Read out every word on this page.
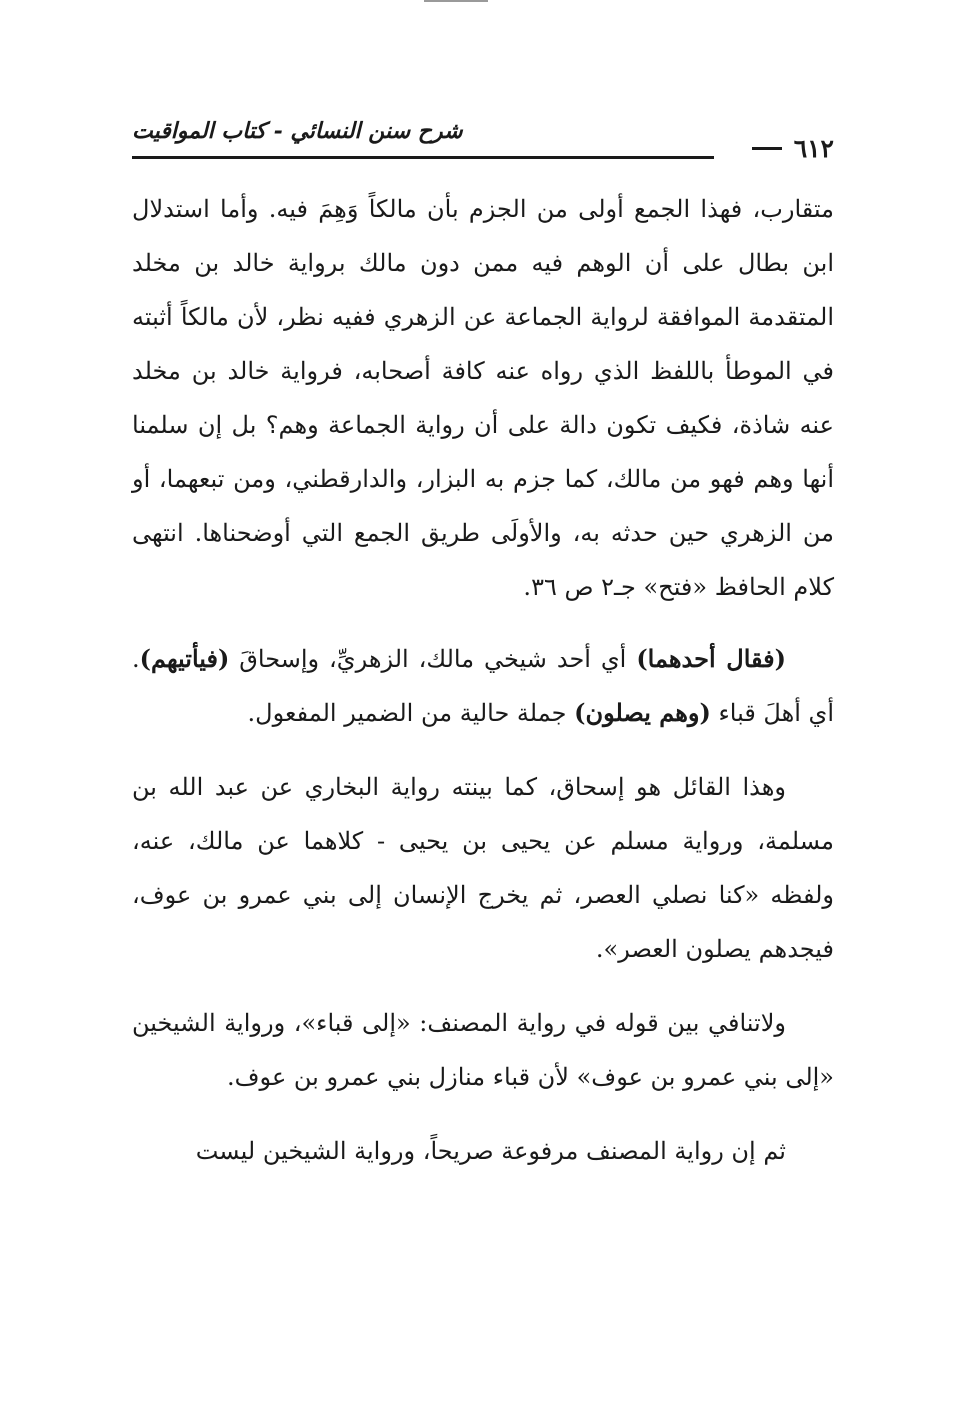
٦١٢
شرح سنن النسائي - كتاب المواقيت

متقارب، فهذا الجمع أولى من الجزم بأن مالكاً وَهِمَ فيه. وأما استدلال ابن بطال على أن الوهم فيه ممن دون مالك برواية خالد بن مخلد المتقدمة الموافقة لرواية الجماعة عن الزهري ففيه نظر، لأن مالكاً أثبته في الموطأ باللفظ الذي رواه عنه كافة أصحابه، فرواية خالد بن مخلد عنه شاذة، فكيف تكون دالة على أن رواية الجماعة وهم؟ بل إن سلمنا أنها وهم فهو من مالك، كما جزم به البزار، والدارقطني، ومن تبعهما، أو من الزهري حين حدثه به، والأولَى طريق الجمع التي أوضحناها. انتهى كلام الحافظ «فتح» جـ٢ ص ٣٦.

(فقال أحدهما) أي أحد شيخي مالك، الزهريِّ، وإسحاقَ (فيأتيهم). أي أهلَ قباء (وهم يصلون) جملة حالية من الضمير المفعول.

وهذا القائل هو إسحاق، كما بينته رواية البخاري عن عبد الله بن مسلمة، ورواية مسلم عن يحيى بن يحيى - كلاهما عن مالك، عنه، ولفظه «كنا نصلي العصر، ثم يخرج الإنسان إلى بني عمرو بن عوف، فيجدهم يصلون العصر».

ولاتنافي بين قوله في رواية المصنف: «إلى قباء»، ورواية الشيخين «إلى بني عمرو بن عوف» لأن قباء منازل بني عمرو بن عوف.

ثم إن رواية المصنف مرفوعة صريحاً، ورواية الشيخين ليست
